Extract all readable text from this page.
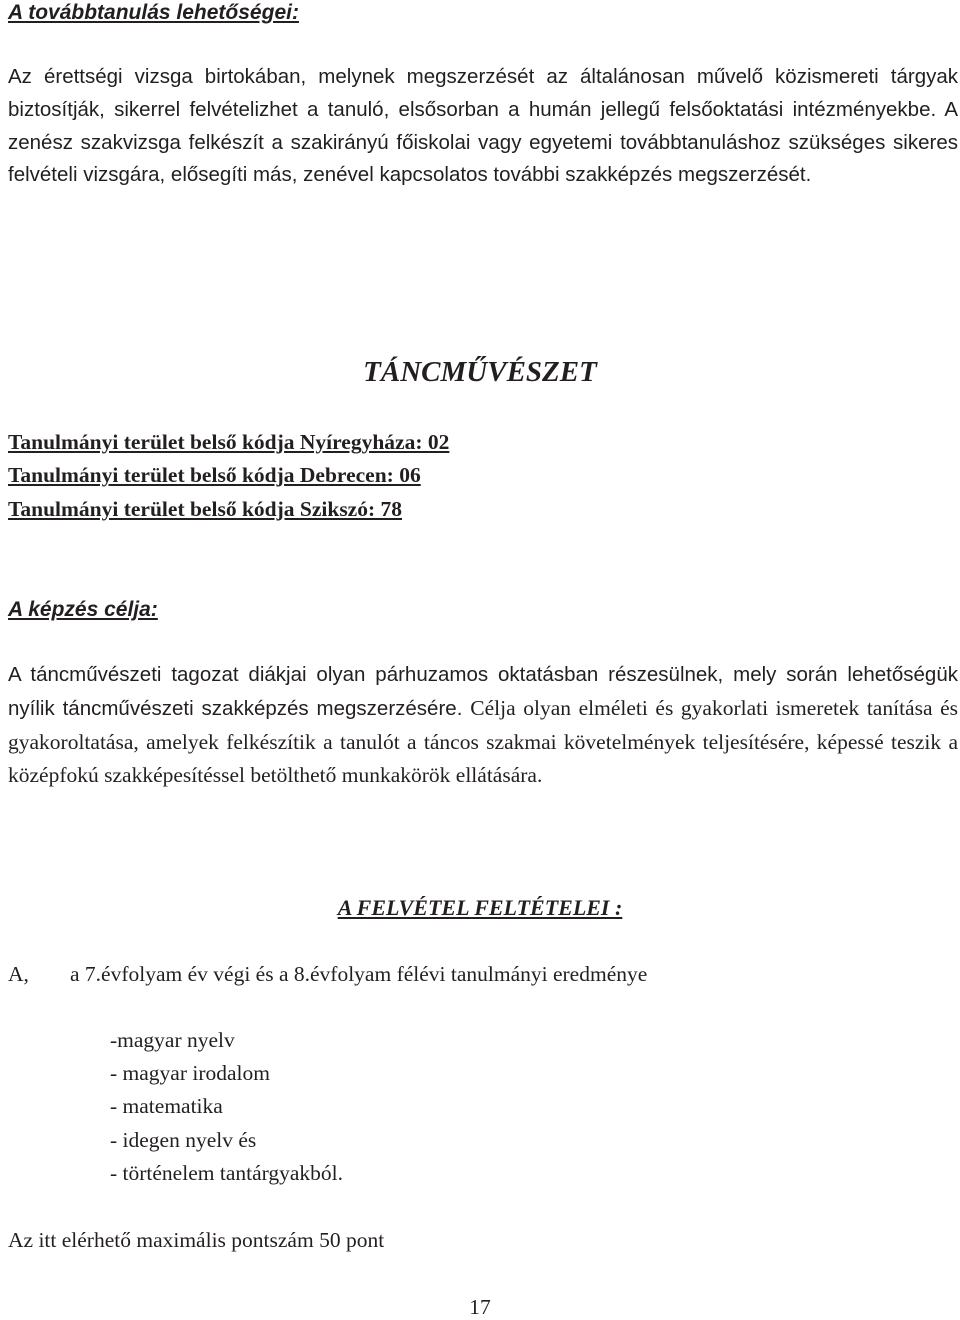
A továbbtanulás lehetőségei:

Az érettségi vizsga birtokában, melynek megszerzését az általánosan művelő közismereti tárgyak biztosítják, sikerrel felvételizhet a tanuló, elsősorban a humán jellegű felsőoktatási intézményekbe. A zenész szakvizsga felkészít a szakirányú főiskolai vagy egyetemi továbbtanuláshoz szükséges sikeres felvételi vizsgára, elősegíti más, zenével kapcsolatos további szakképzés megszerzését.

TÁNCMŰVÉSZET

Tanulmányi terület belső kódja Nyíregyháza: 02

Tanulmányi terület belső kódja Debrecen: 06

Tanulmányi terület belső kódja Szikszó: 78

A képzés célja:

A táncművészeti tagozat diákjai olyan párhuzamos oktatásban részesülnek, mely során lehetőségük nyílik táncművészeti szakképzés megszerzésére. Célja olyan elméleti és gyakorlati ismeretek tanítása és gyakoroltatása, amelyek felkészítik a tanulót a táncos szakmai követelmények teljesítésére, képessé teszik a középfokú szakképesítéssel betölthető munkakörök ellátására.

A FELVÉTEL FELTÉTELEI :
A, a 7.évfolyam év végi és a 8.évfolyam félévi tanulmányi eredménye

-magyar nyelv

- magyar irodalom

- matematika

- idegen nyelv és

- történelem tantárgyakból.

Az itt elérhető maximális pontszám 50 pont
17
